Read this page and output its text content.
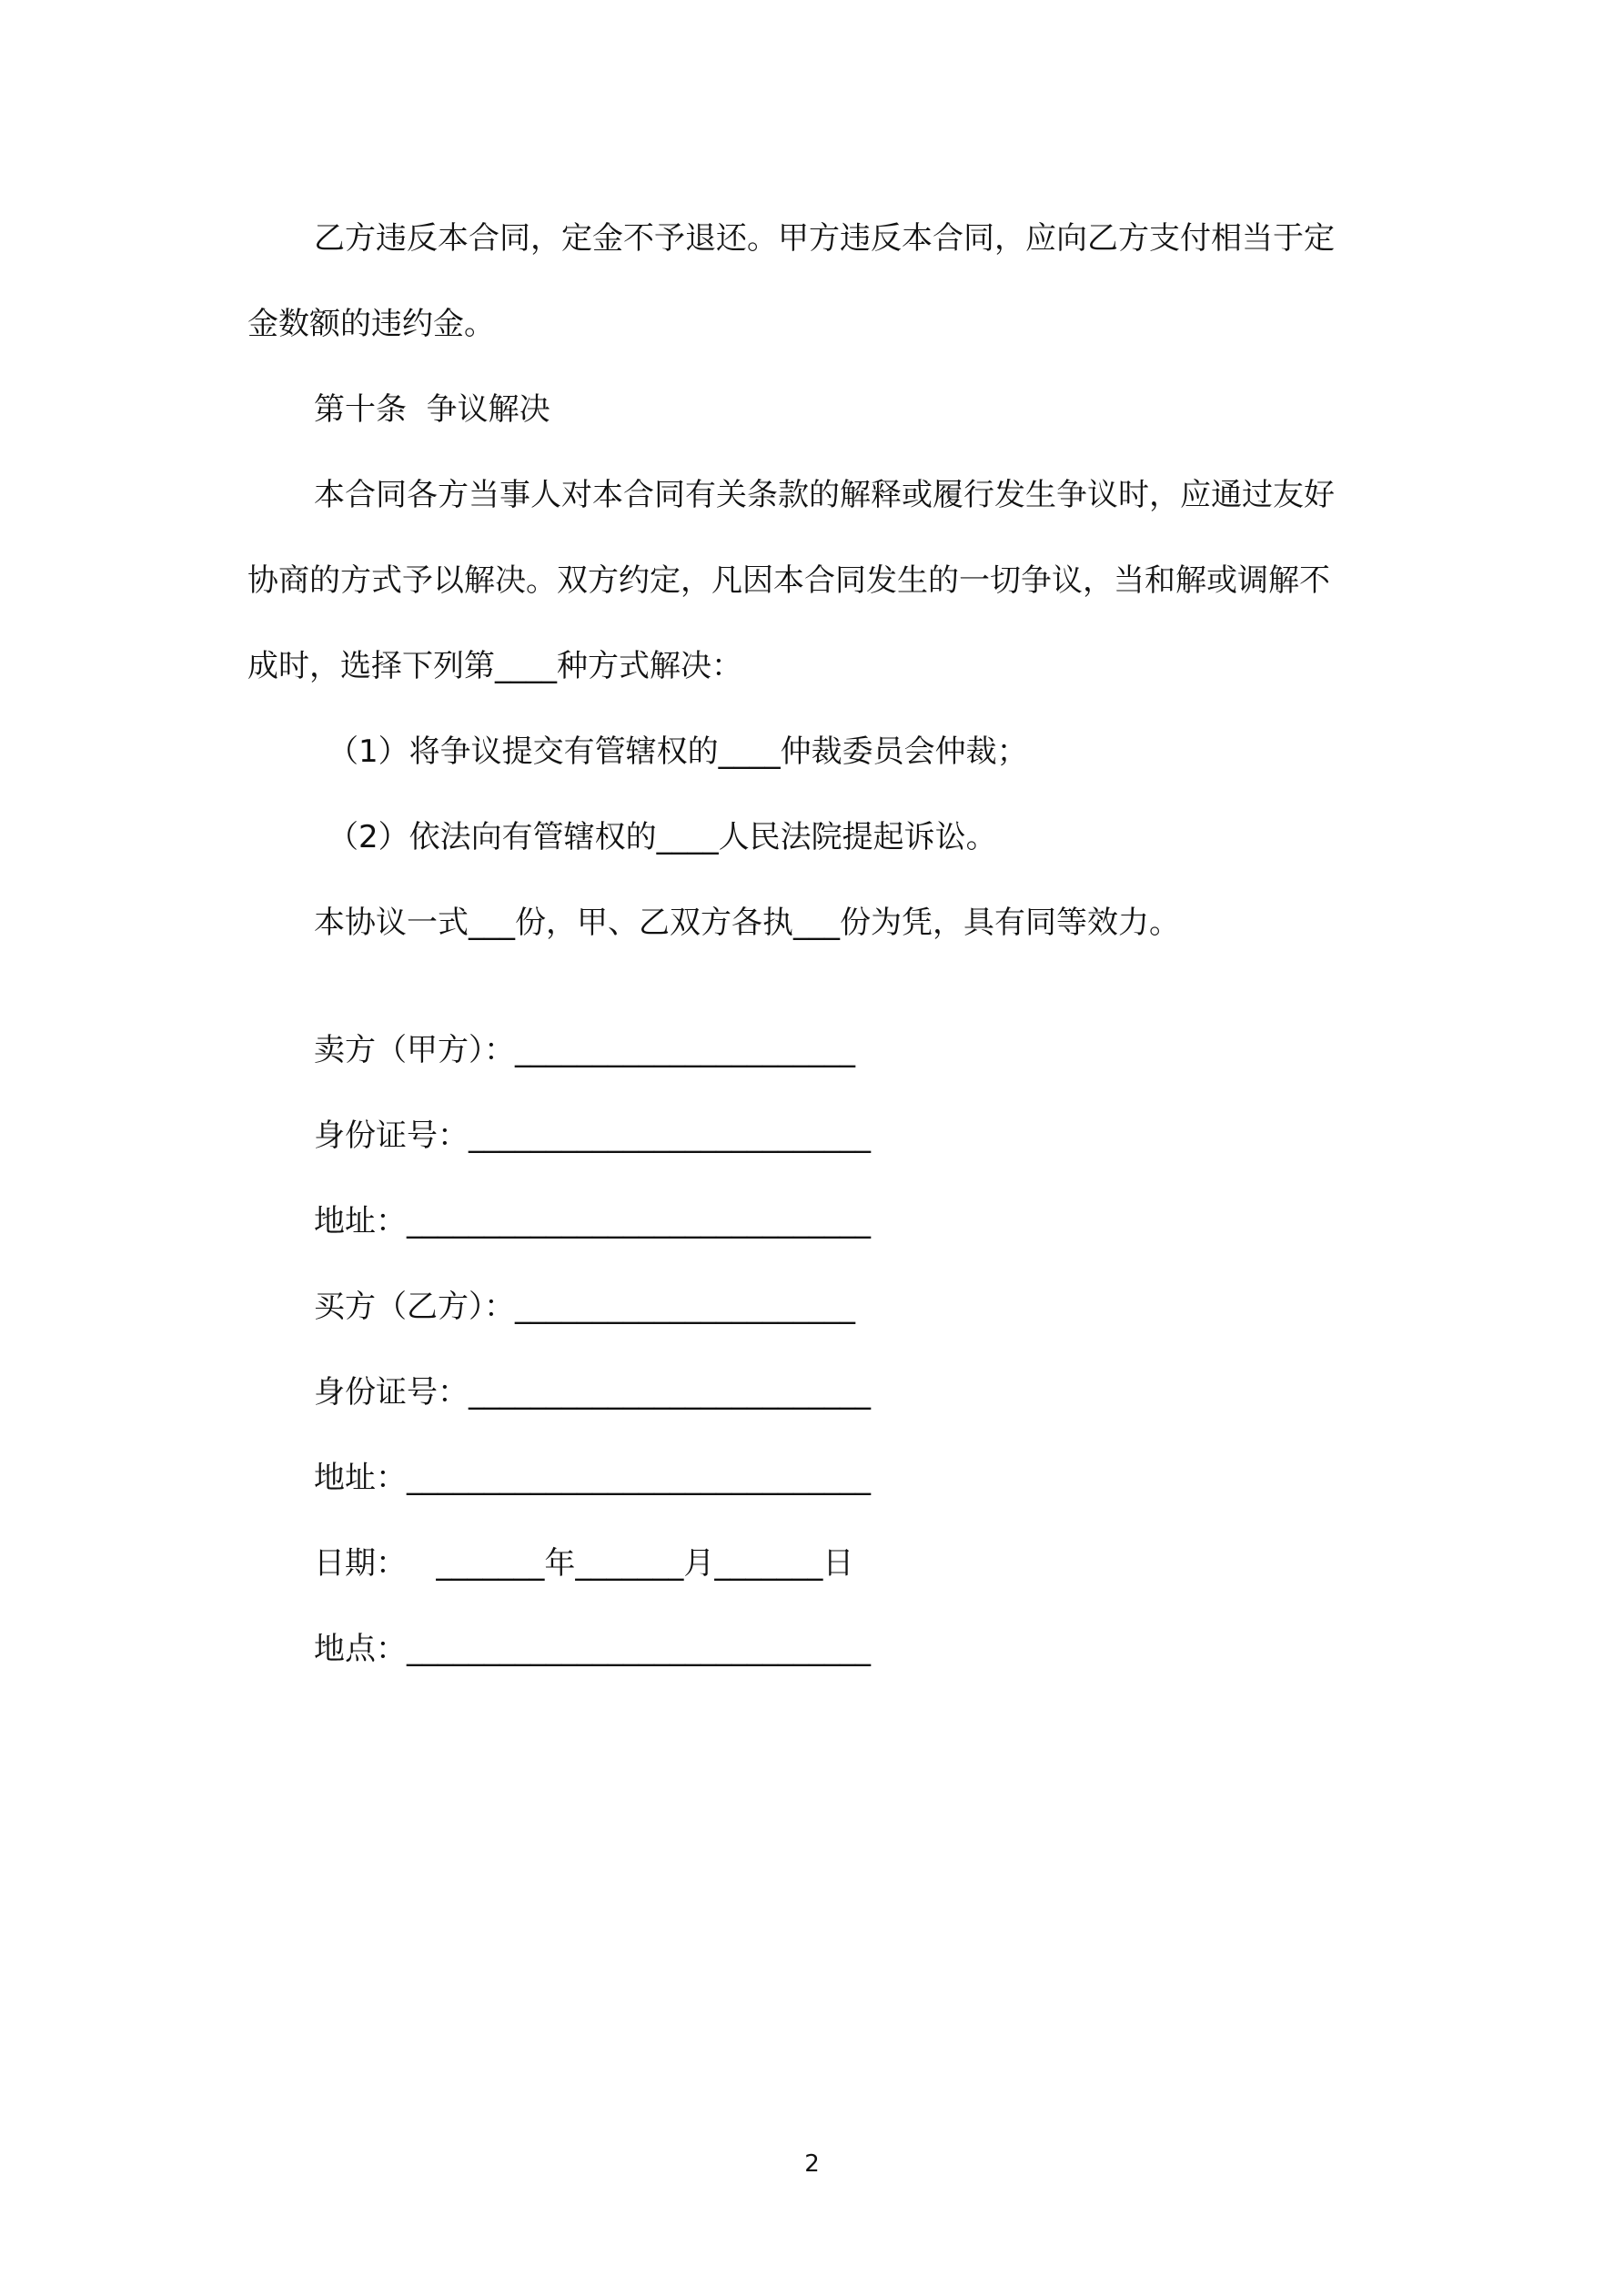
乙方违反本合同，定金不予退还。甲方违反本合同，应向乙方支付相当于定

金数额的违约金。

第十条  争议解决

本合同各方当事人对本合同有关条款的解释或履行发生争议时，应通过友好

协商的方式予以解决。双方约定，凡因本合同发生的一切争议，当和解或调解不

成时，选择下列第____种方式解决：

（1）将争议提交有管辖权的____仲裁委员会仲裁；

（2）依法向有管辖权的____人民法院提起诉讼。

本协议一式___份，甲、乙双方各执___份为凭，具有同等效力。

卖方（甲方）：______________________

身份证号：__________________________

地址：______________________________

买方（乙方）：______________________

身份证号：__________________________

地址：______________________________

日期：   _______年_______月_______日

地点：______________________________

2
